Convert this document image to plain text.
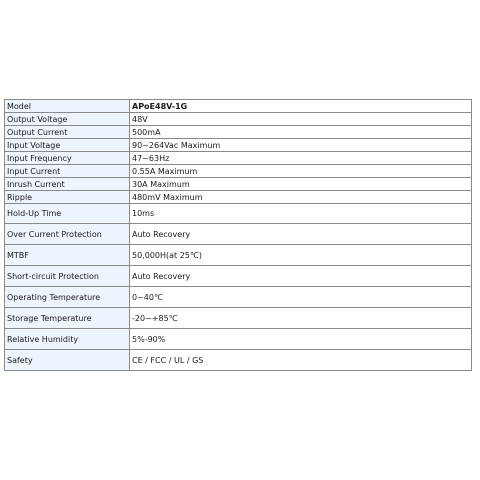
Model	APoE48V-1G
Output Voltage	48V
Output Current	500mA
Input Voltage	90~264Vac Maximum
Input Frequency	47~63Hz
Input Current	0.55A Maximum
Inrush Current	30A Maximum
Ripple	480mV Maximum
Hold-Up Time	10ms
Over Current Protection	Auto Recovery
MTBF	50,000H(at 25℃)
Short-circuit Protection	Auto Recovery
Operating Temperature	0~40℃
Storage Temperature	-20~+85℃
Relative Humidity	5%-90%
Safety	CE / FCC / UL / GS
